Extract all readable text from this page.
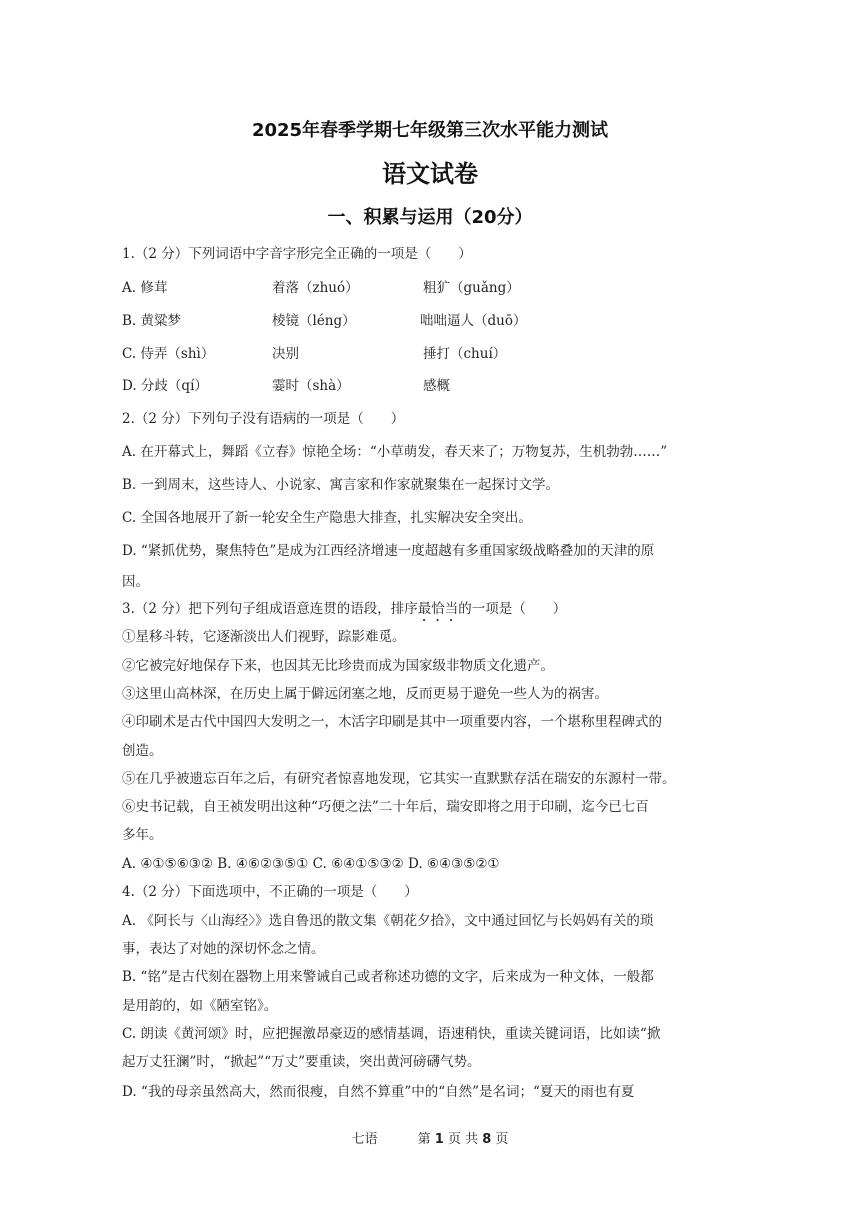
2025年春季学期七年级第三次水平能力测试
语文试卷
一、积累与运用（20分）
1.（2 分）下列词语中字音字形完全正确的一项是（　　）
A. 修茸	着落（zhuó）	粗犷（guǎng）
B. 黄粱梦	棱镜（léng）	咄咄逼人（duō）
C. 侍弄（shì）	决别	捶打（chuí）
D. 分歧（qí）	霎时（shà）	感概
2.（2 分）下列句子没有语病的一项是（　　）
A. 在开幕式上，舞蹈《立春》惊艳全场：“小草萌发，春天来了；万物复苏，生机勃勃……”
B. 一到周末，这些诗人、小说家、寓言家和作家就聚集在一起探讨文学。
C. 全国各地展开了新一轮安全生产隐患大排查，扎实解决安全突出。
D. “紧抓优势，聚焦特色”是成为江西经济增速一度超越有多重国家级战略叠加的天津的原
因。
3.（2 分）把下列句子组成语意连贯的语段，排序最恰当的一项是（　　）
①星移斗转，它逐渐淡出人们视野，踪影难觅。
②它被完好地保存下来，也因其无比珍贵而成为国家级非物质文化遗产。
③这里山高林深，在历史上属于僻远闭塞之地，反而更易于避免一些人为的祸害。
④印刷术是古代中国四大发明之一，木活字印刷是其中一项重要内容，一个堪称里程碑式的
创造。
⑤在几乎被遗忘百年之后，有研究者惊喜地发现，它其实一直默默存活在瑞安的东源村一带。
⑥史书记载，自王祯发明出这种“巧便之法”二十年后，瑞安即将之用于印刷，迄今已七百
多年。
A. ④①⑤⑥③② B. ④⑥②③⑤① C. ⑥④①⑤③② D. ⑥④③⑤②①
4.（2 分）下面选项中，不正确的一项是（　　）
A. 《阿长与〈山海经〉》选自鲁迅的散文集《朝花夕拾》，文中通过回忆与长妈妈有关的琐
事，表达了对她的深切怀念之情。
B. “铭”是古代刻在器物上用来警诫自己或者称述功德的文字，后来成为一种文体，一般都
是用韵的，如《陋室铭》。
C. 朗读《黄河颂》时，应把握激昂豪迈的感情基调，语速稍快，重读关键词语，比如读“掀
起万丈狂澜”时，“掀起”“万丈”要重读，突出黄河磅礴气势。
D. “我的母亲虽然高大，然而很瘦，自然不算重”中的“自然”是名词；“夏天的雨也有夏
七语	第 1 页 共 8 页
